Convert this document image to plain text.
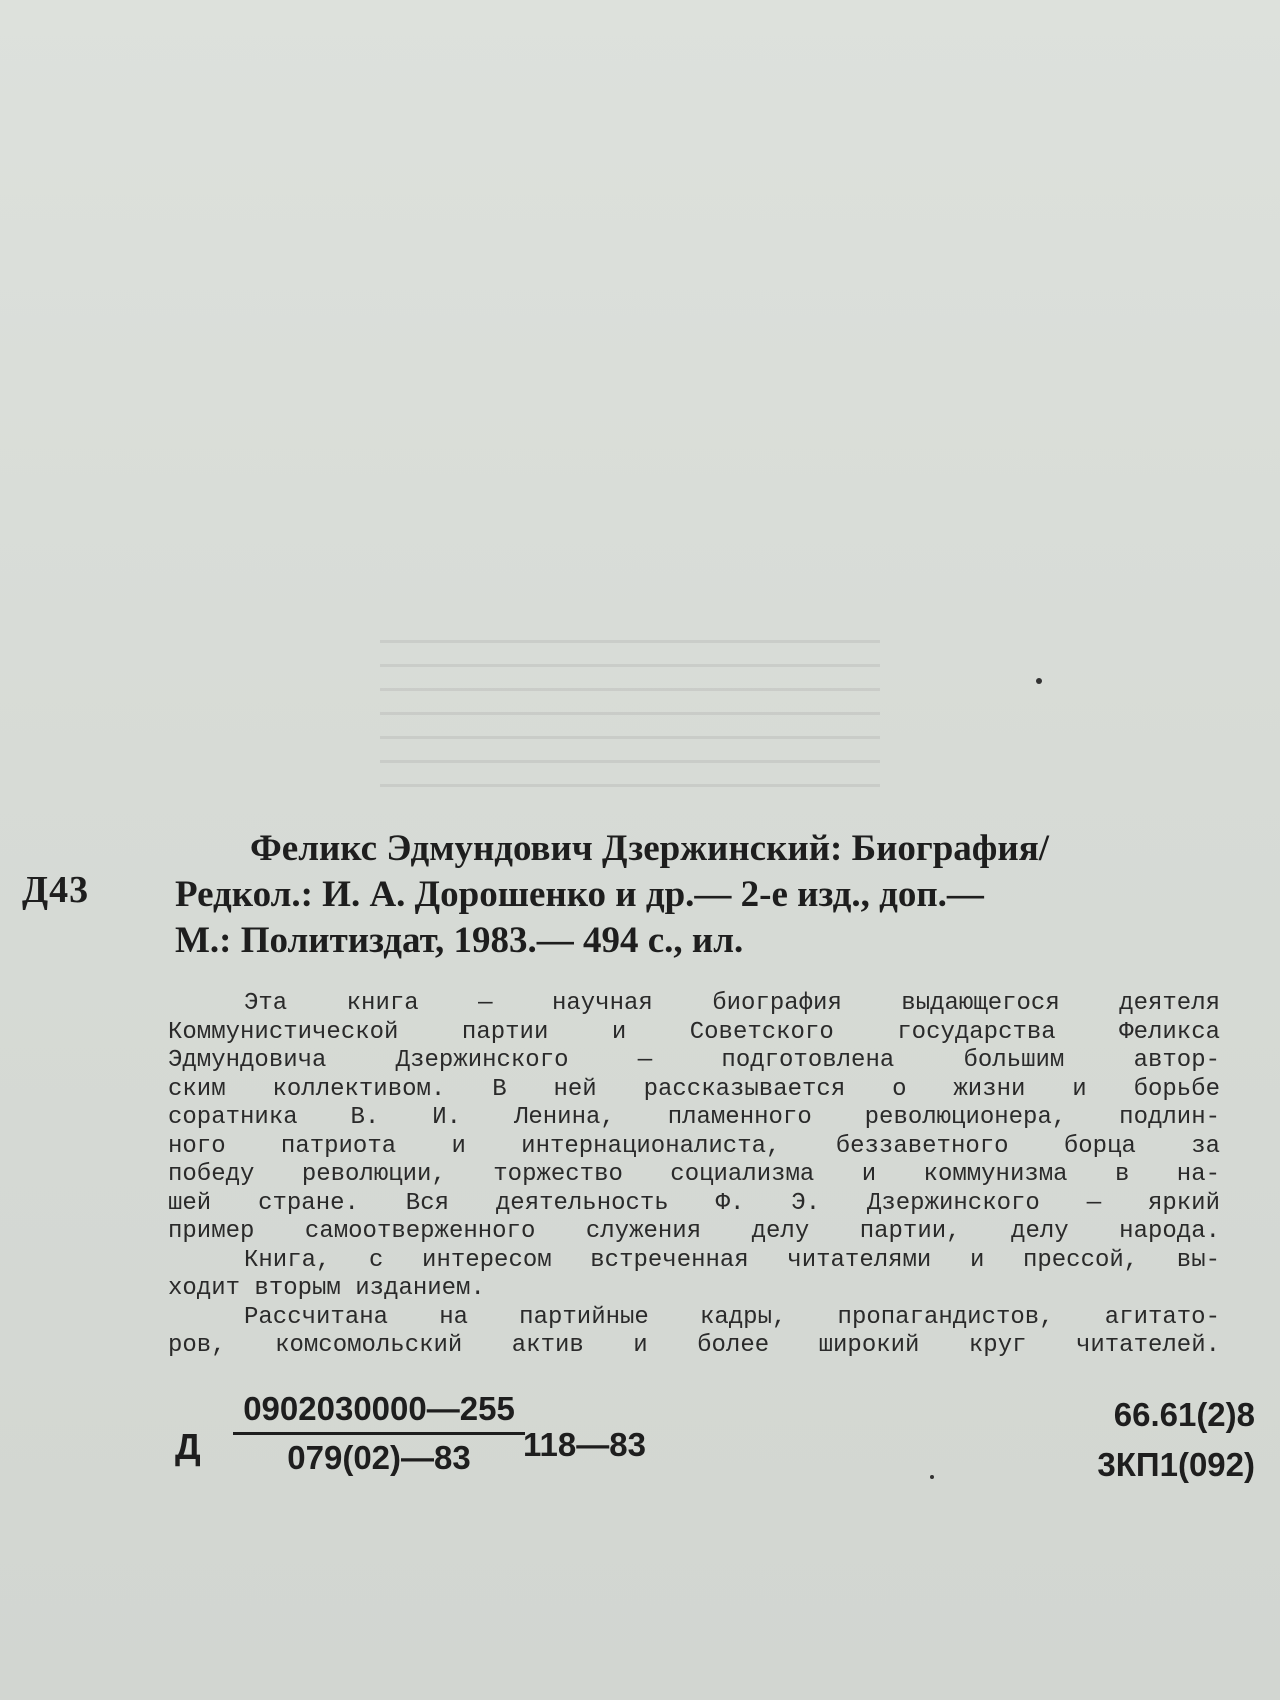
Д43
Феликс Эдмундович Дзержинский: Биография/
Редкол.: И. А. Дорошенко и др.— 2-е изд., доп.—
М.: Политиздат, 1983.— 494 с., ил.
Эта книга — научная биография выдающегося деятеля
Коммунистической партии и Советского государства Феликса
Эдмундовича Дзержинского — подготовлена большим автор-
ским коллективом. В ней рассказывается о жизни и борьбе
соратника В. И. Ленина, пламенного революционера, подлин-
ного патриота и интернационалиста, беззаветного борца за
победу революции, торжество социализма и коммунизма в на-
шей стране. Вся деятельность Ф. Э. Дзержинского — яркий
пример самоотверженного служения делу партии, делу народа.
Книга, с интересом встреченная читателями и прессой, вы-
ходит вторым изданием.
Рассчитана на партийные кадры, пропагандистов, агитато-
ров, комсомольский актив и более широкий круг читателей.
Д
0902030000—255
079(02)—83	118—83
66.61(2)8
3КП1(092)
